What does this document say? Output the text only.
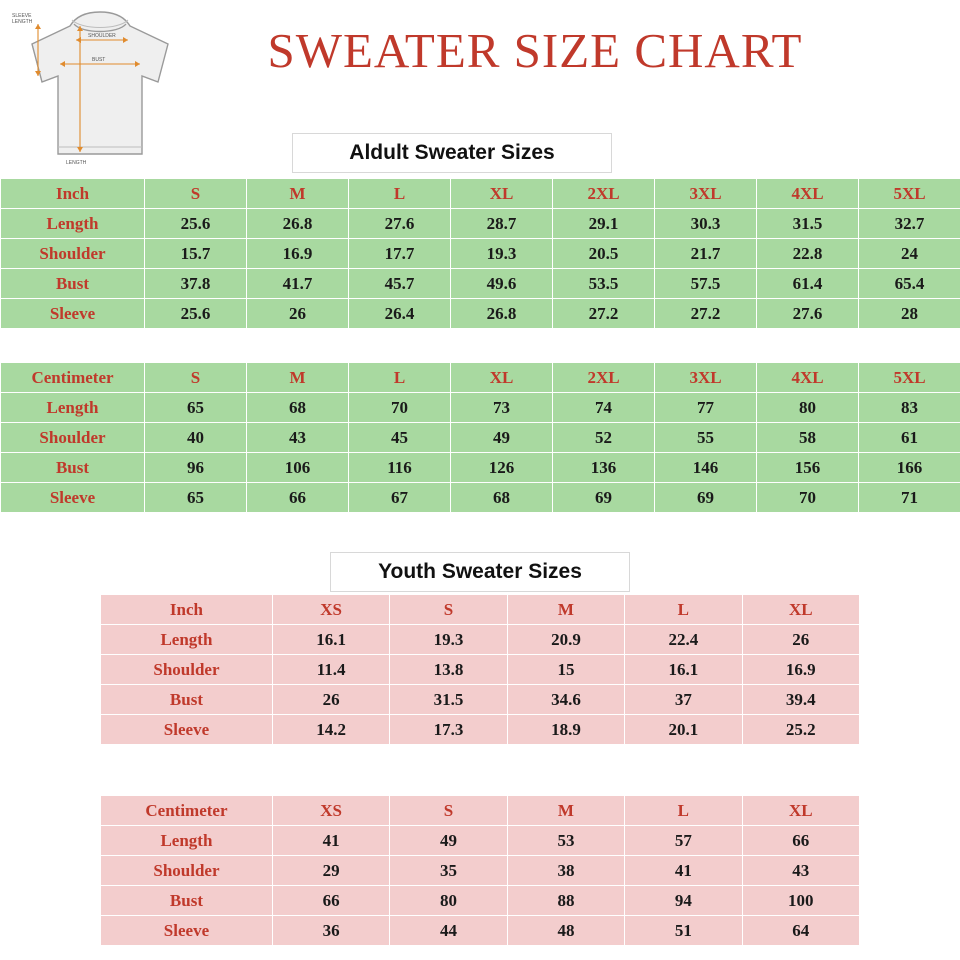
SWEATER SIZE CHART
SLEEVE
LENGTH
SHOULDER
BUST
LENGTH	Aldult Sweater Sizes
Youth Sweater Sizes
Inch	S	M	L	XL	2XL	3XL	4XL	5XL
Length	25.6	26.8	27.6	28.7	29.1	30.3	31.5	32.7
Shoulder	15.7	16.9	17.7	19.3	20.5	21.7	22.8	24
Bust	37.8	41.7	45.7	49.6	53.5	57.5	61.4	65.4
Sleeve	25.6	26	26.4	26.8	27.2	27.2	27.6	28
Centimeter	S	M	L	XL	2XL	3XL	4XL	5XL
Length	65	68	70	73	74	77	80	83
Shoulder	40	43	45	49	52	55	58	61
Bust	96	106	116	126	136	146	156	166
Sleeve	65	66	67	68	69	69	70	71
Inch	XS	S	M	L	XL
Length	16.1	19.3	20.9	22.4	26
Shoulder	11.4	13.8	15	16.1	16.9
Bust	26	31.5	34.6	37	39.4
Sleeve	14.2	17.3	18.9	20.1	25.2
Centimeter	XS	S	M	L	XL
Length	41	49	53	57	66
Shoulder	29	35	38	41	43
Bust	66	80	88	94	100
Sleeve	36	44	48	51	64
